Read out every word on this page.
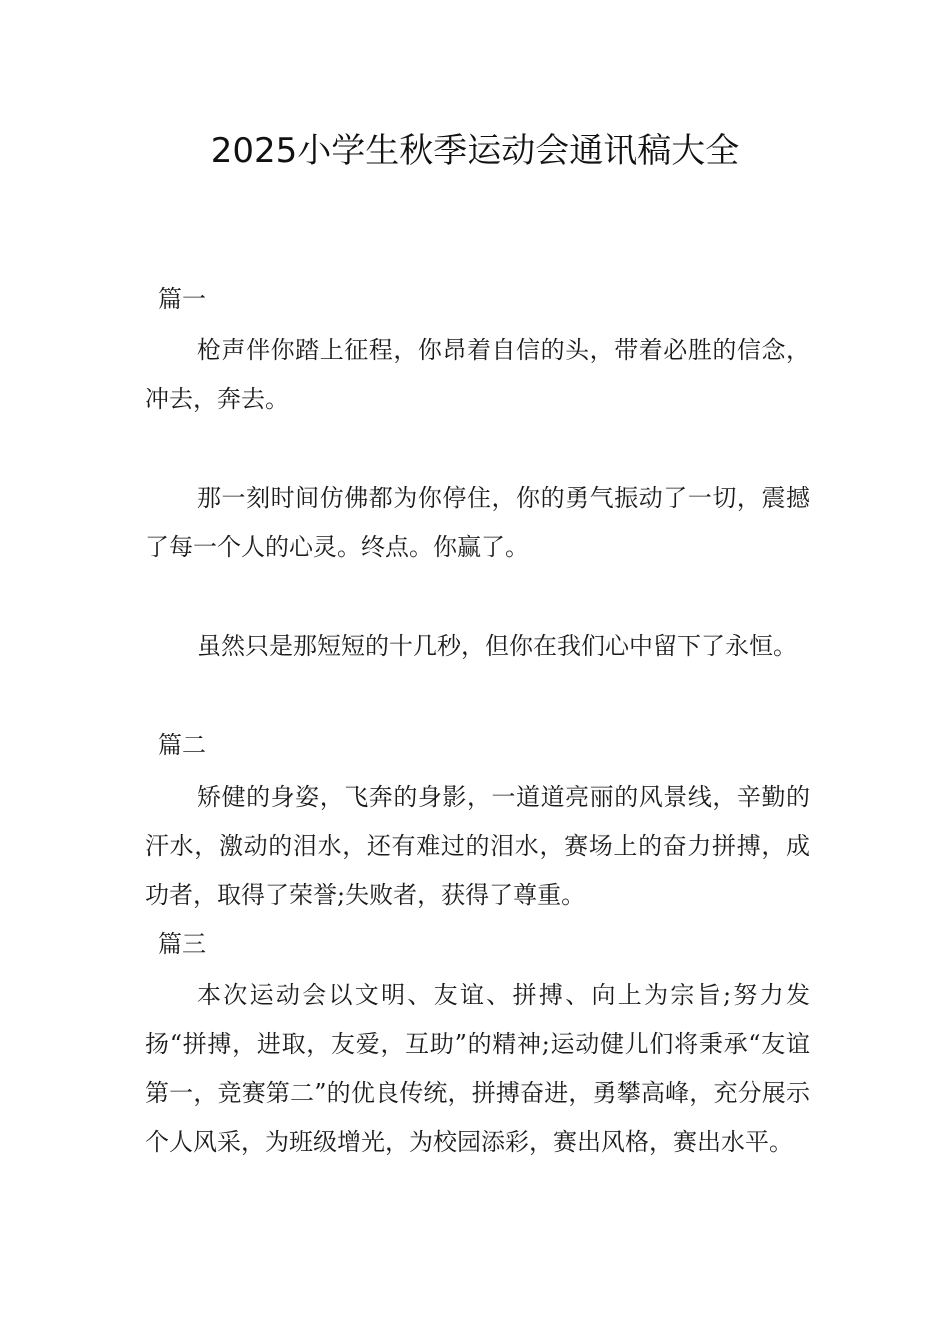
2025小学生秋季运动会通讯稿大全
篇一
枪声伴你踏上征程，你昂着自信的头，带着必胜的信念，冲去，奔去。
那一刻时间仿佛都为你停住，你的勇气振动了一切，震撼了每一个人的心灵。终点。你赢了。
虽然只是那短短的十几秒，但你在我们心中留下了永恒。
篇二
矫健的身姿，飞奔的身影，一道道亮丽的风景线，辛勤的汗水，激动的泪水，还有难过的泪水，赛场上的奋力拼搏，成功者，取得了荣誉;失败者，获得了尊重。
篇三
本次运动会以文明、友谊、拼搏、向上为宗旨;努力发扬“拼搏，进取，友爱，互助”的精神;运动健儿们将秉承“友谊第一，竞赛第二”的优良传统，拼搏奋进，勇攀高峰，充分展示个人风采，为班级增光，为校园添彩，赛出风格，赛出水平。
